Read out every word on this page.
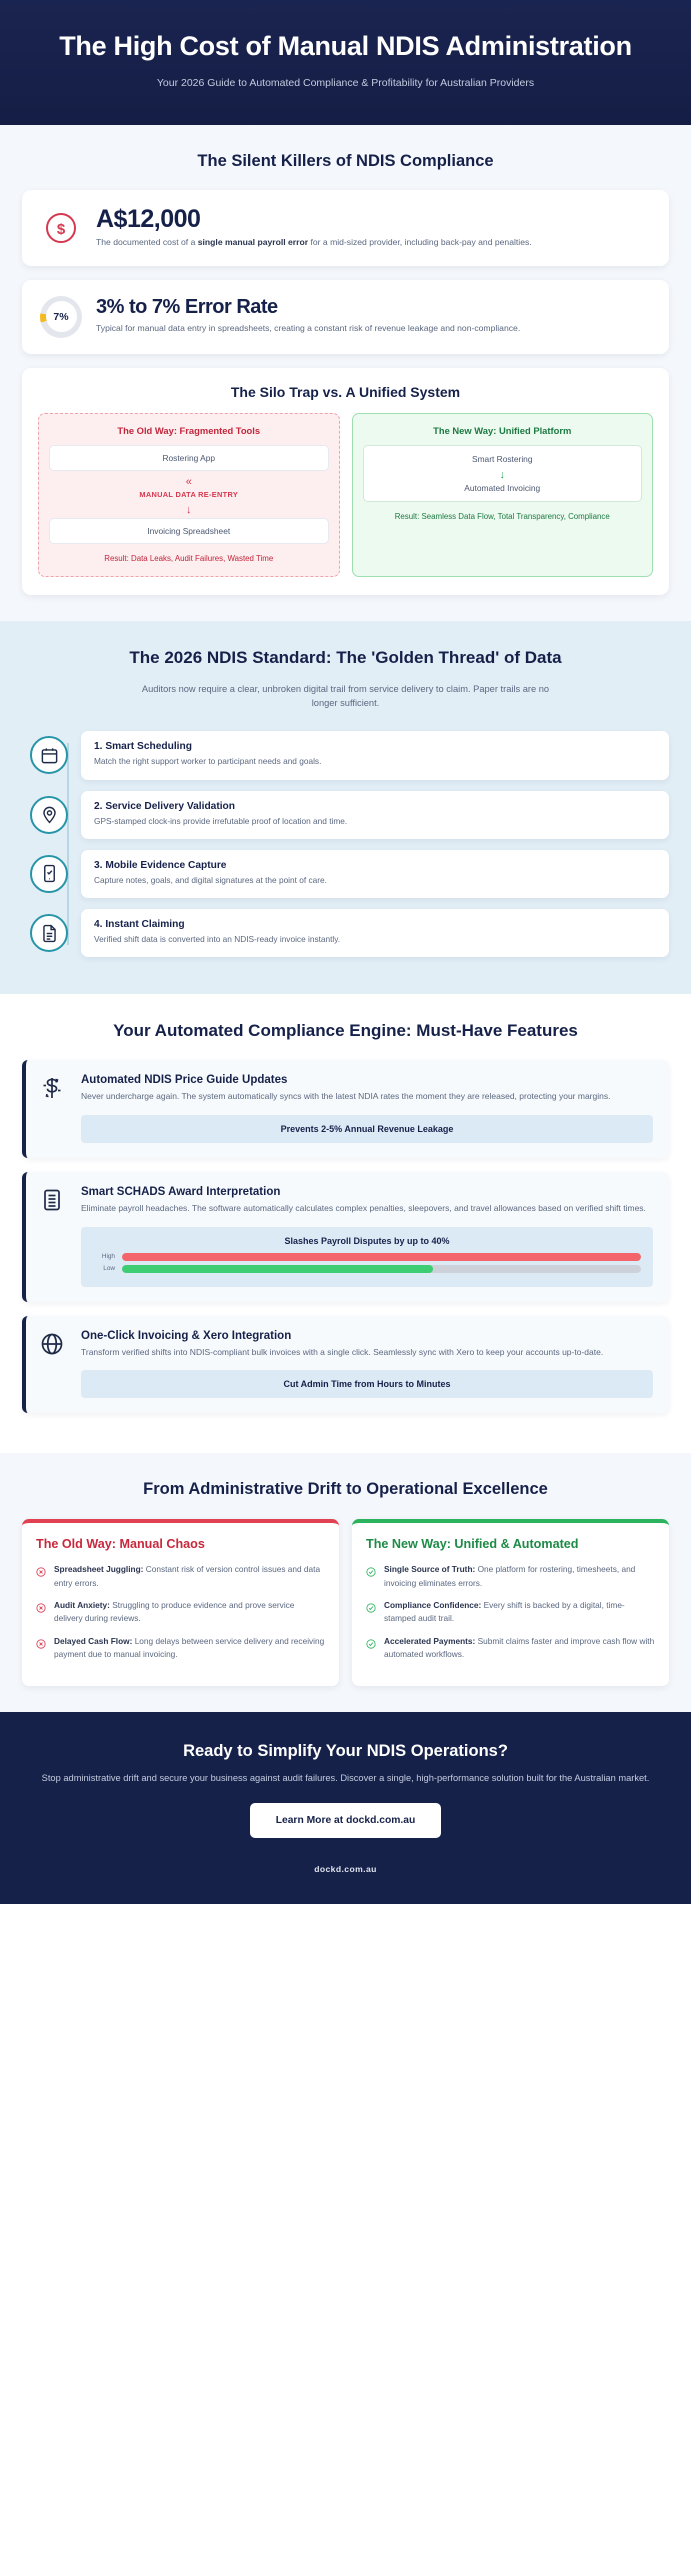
The High Cost of Manual NDIS Administration
Your 2026 Guide to Automated Compliance & Profitability for Australian Providers
The Silent Killers of NDIS Compliance
$ A$12,000
The documented cost of a single manual payroll error for a mid-sized provider, including back-pay and penalties.
7%	3% to 7% Error Rate
Typical for manual data entry in spreadsheets, creating a constant risk of revenue leakage and non-compliance.
The Silo Trap vs. A Unified System
The Old Way: Fragmented Tools
Rostering App
«
MANUAL DATA RE-ENTRY
↓
Invoicing Spreadsheet
Result: Data Leaks, Audit Failures, Wasted Time
The New Way: Unified Platform
Smart Rostering
↓
Automated Invoicing
Result: Seamless Data Flow, Total Transparency, Compliance
The 2026 NDIS Standard: The 'Golden Thread' of Data
Auditors now require a clear, unbroken digital trail from service delivery to claim. Paper trails are no longer sufficient.
1. Smart Scheduling
Match the right support worker to participant needs and goals.
2. Service Delivery Validation
GPS-stamped clock-ins provide irrefutable proof of location and time.
3. Mobile Evidence Capture
Capture notes, goals, and digital signatures at the point of care.
4. Instant Claiming
Verified shift data is converted into an NDIS-ready invoice instantly.
Your Automated Compliance Engine: Must-Have Features
Automated NDIS Price Guide Updates
Never undercharge again. The system automatically syncs with the latest NDIA rates the moment they are released, protecting your margins.
Prevents 2-5% Annual Revenue Leakage
Smart SCHADS Award Interpretation
Eliminate payroll headaches. The software automatically calculates complex penalties, sleepovers, and travel allowances based on verified shift times.
Slashes Payroll Disputes by up to 40%
High
Low
One-Click Invoicing & Xero Integration
Transform verified shifts into NDIS-compliant bulk invoices with a single click. Seamlessly sync with Xero to keep your accounts up-to-date.
Cut Admin Time from Hours to Minutes
From Administrative Drift to Operational Excellence
The Old Way: Manual Chaos
Spreadsheet Juggling: Constant risk of version control issues and data entry errors.
Audit Anxiety: Struggling to produce evidence and prove service delivery during reviews.
Delayed Cash Flow: Long delays between service delivery and receiving payment due to manual invoicing.
The New Way: Unified & Automated
Single Source of Truth: One platform for rostering, timesheets, and invoicing eliminates errors.
Compliance Confidence: Every shift is backed by a digital, time-stamped audit trail.
Accelerated Payments: Submit claims faster and improve cash flow with automated workflows.
Ready to Simplify Your NDIS Operations?
Stop administrative drift and secure your business against audit failures. Discover a single, high-performance solution built for the Australian market.
Learn More at dockd.com.au
dockd.com.au
